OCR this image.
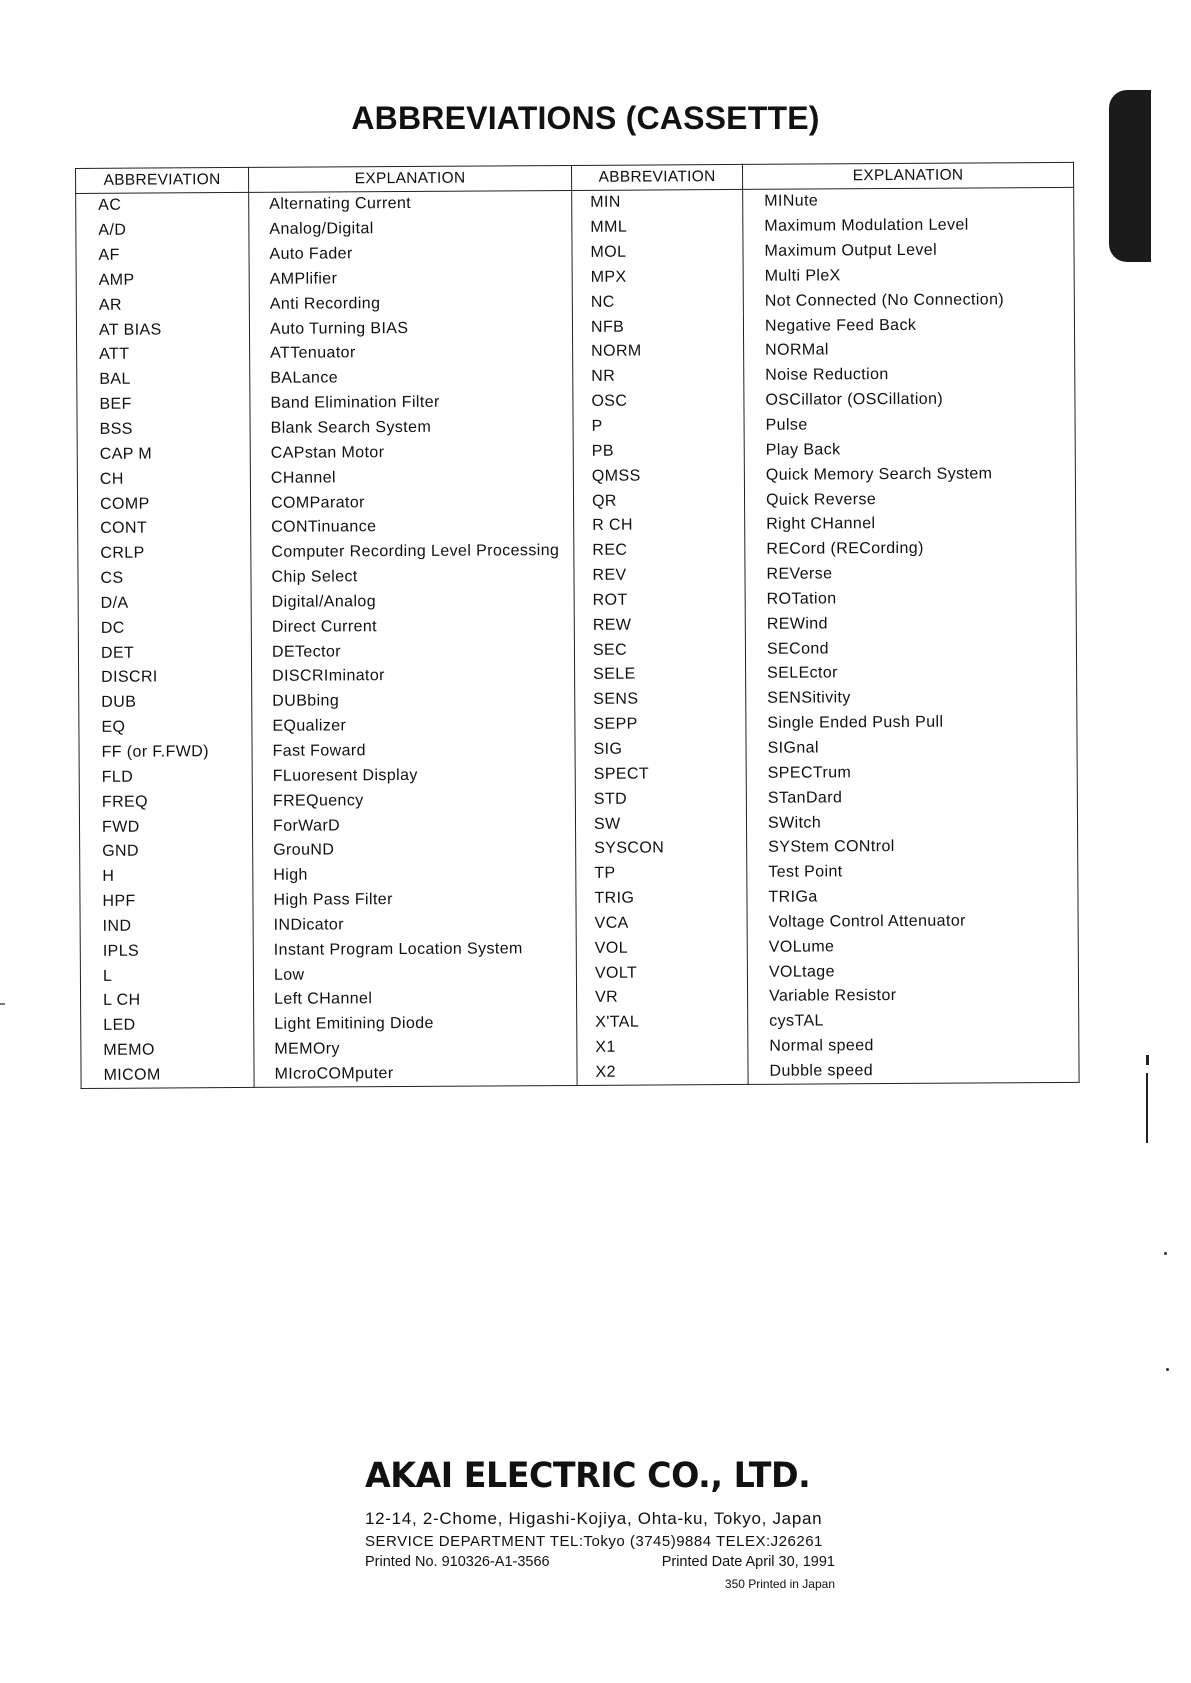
ABBREVIATIONS (CASSETTE)
ABBREVIATION	EXPLANATION	ABBREVIATION	EXPLANATION
AC	Alternating Current	MIN	MINute
A/D	Analog/Digital	MML	Maximum Modulation Level
AF	Auto Fader	MOL	Maximum Output Level
AMP	AMPlifier	MPX	Multi PleX
AR	Anti Recording	NC	Not Connected (No Connection)
AT BIAS	Auto Turning BIAS	NFB	Negative Feed Back
ATT	ATTenuator	NORM	NORMal
BAL	BALance	NR	Noise Reduction
BEF	Band Elimination Filter	OSC	OSCillator (OSCillation)
BSS	Blank Search System	P	Pulse
CAP M	CAPstan Motor	PB	Play Back
CH	CHannel	QMSS	Quick Memory Search System
COMP	COMParator	QR	Quick Reverse
CONT	CONTinuance	R CH	Right CHannel
CRLP	Computer Recording Level Processing	REC	RECord (RECording)
CS	Chip Select	REV	REVerse
D/A	Digital/Analog	ROT	ROTation
DC	Direct Current	REW	REWind
DET	DETector	SEC	SECond
DISCRI	DISCRIminator	SELE	SELEctor
DUB	DUBbing	SENS	SENSitivity
EQ	EQualizer	SEPP	Single Ended Push Pull
FF (or F.FWD)	Fast Foward	SIG	SIGnal
FLD	FLuoresent Display	SPECT	SPECTrum
FREQ	FREQuency	STD	STanDard
FWD	ForWarD	SW	SWitch
GND	GrouND	SYSCON	SYStem CONtrol
H	High	TP	Test Point
HPF	High Pass Filter	TRIG	TRIGa
IND	INDicator	VCA	Voltage Control Attenuator
IPLS	Instant Program Location System	VOL	VOLume
L	Low	VOLT	VOLtage
L CH	Left CHannel	VR	Variable Resistor
LED	Light Emitining Diode	X'TAL	cysTAL
MEMO	MEMOry	X1	Normal speed
MICOM	MIcroCOMputer	X2	Dubble speed
AKAI ELECTRIC CO., LTD.
12-14, 2-Chome, Higashi-Kojiya, Ohta-ku, Tokyo, Japan
SERVICE DEPARTMENT TEL:Tokyo (3745)9884 TELEX:J26261
Printed No. 910326-A1-3566	Printed Date April 30, 1991
350 Printed in Japan
